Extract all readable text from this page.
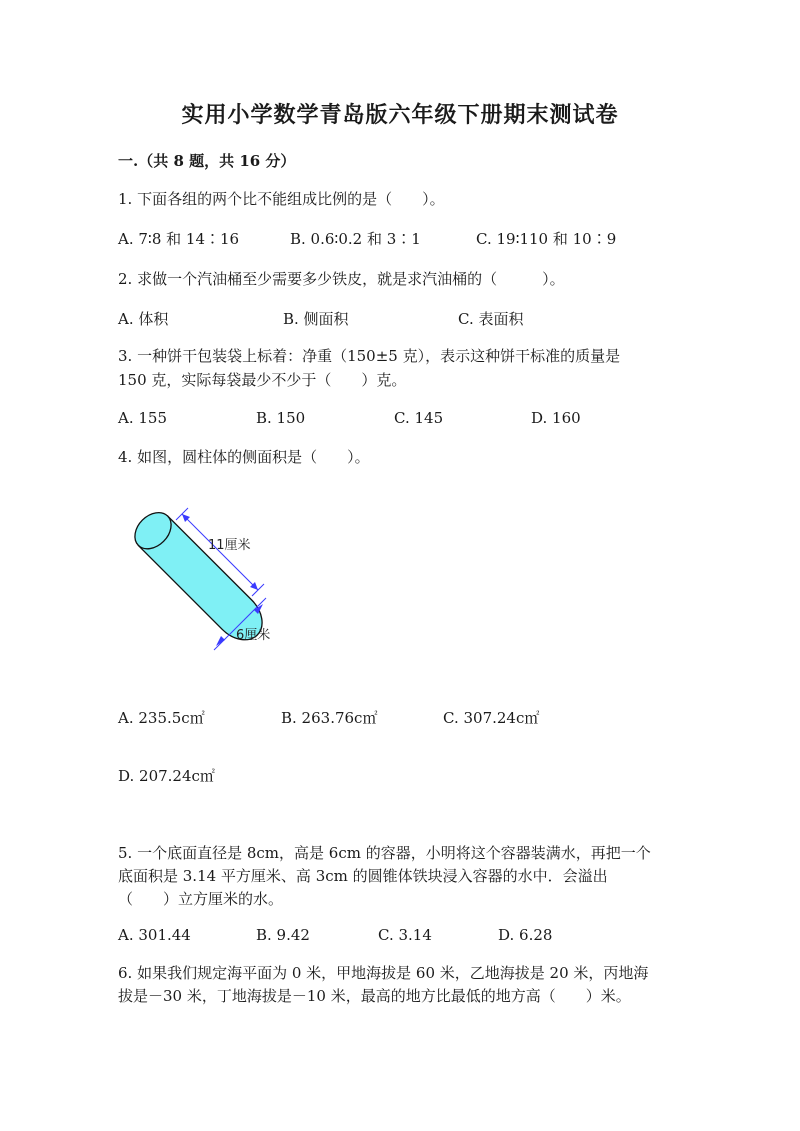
实用小学数学青岛版六年级下册期末测试卷
一.（共 8 题，共 16 分）
1. 下面各组的两个比不能组成比例的是（　　）。
A. 7∶8 和 14∶16	B. 0.6∶0.2 和 3∶1	C. 19∶110 和 10∶9
2. 求做一个汽油桶至少需要多少铁皮，就是求汽油桶的（　　　）。
A. 体积	B. 侧面积	C. 表面积
3. 一种饼干包装袋上标着：净重（150±5 克），表示这种饼干标准的质量是
150 克，实际每袋最少不少于（　　）克。
A. 155	B. 150	C. 145	D. 160
4. 如图，圆柱体的侧面积是（　　）。
11厘米
6厘米
A. 235.5c㎡	B. 263.76c㎡	C. 307.24c㎡
D. 207.24c㎡
5. 一个底面直径是 8cm，高是 6cm 的容器，小明将这个容器装满水，再把一个
底面积是 3.14 平方厘米、高 3cm 的圆锥体铁块浸入容器的水中．会溢出
（　　）立方厘米的水。
A. 301.44	B. 9.42	C. 3.14	D. 6.28
6. 如果我们规定海平面为 0 米，甲地海拔是 60 米，乙地海拔是 20 米，丙地海
拔是－30 米，丁地海拔是－10 米，最高的地方比最低的地方高（　　）米。
